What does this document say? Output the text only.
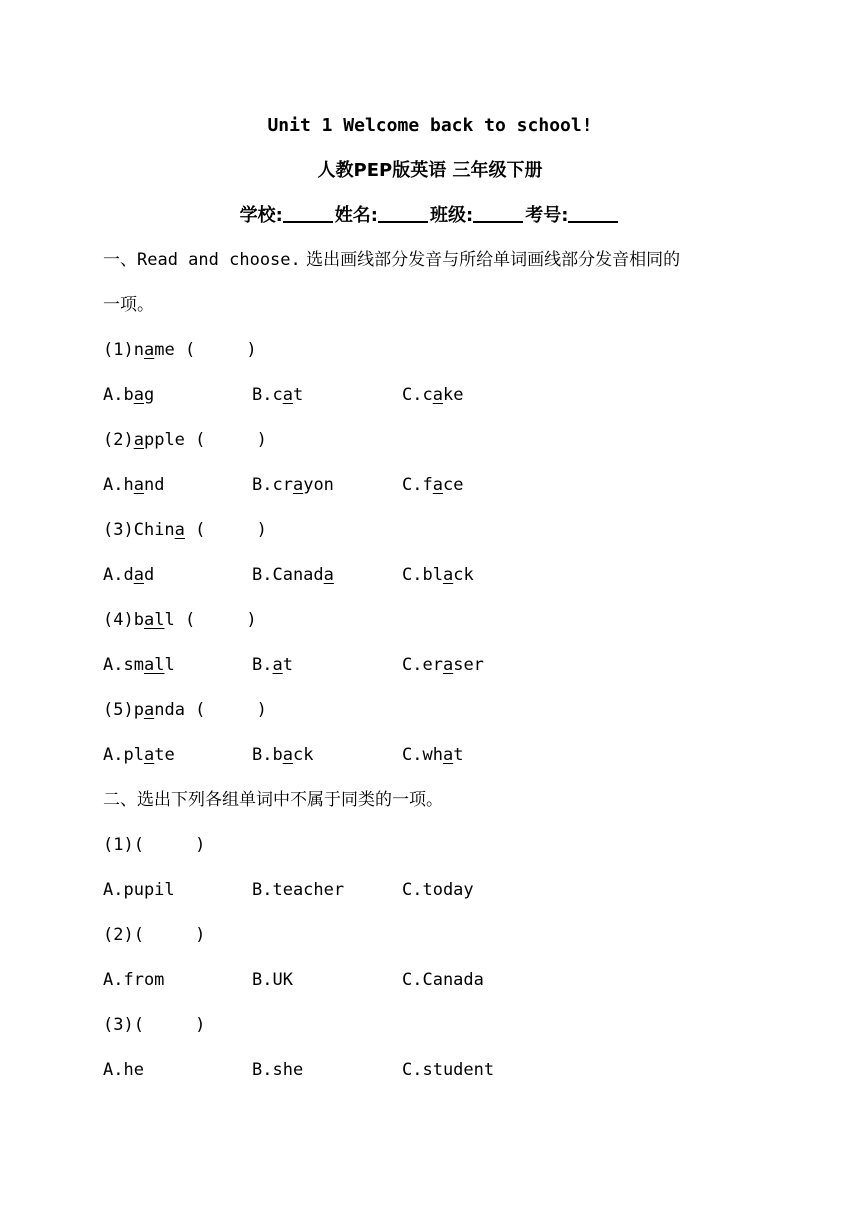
Unit 1 Welcome back to school!
人教PEP版英语 三年级下册
学校:	姓名:	班级:	考号:
一、Read and choose. 选出画线部分发音与所给单词画线部分发音相同的
一项。
(1)name (     )
A.bag	B.cat	C.cake
(2)apple (     )
A.hand	B.crayon	C.face
(3)China (     )
A.dad	B.Canada	C.black
(4)ball (     )
A.small	B.at	C.eraser
(5)panda (     )
A.plate	B.back	C.what
二、选出下列各组单词中不属于同类的一项。
(1)(     )
A.pupil	B.teacher	C.today
(2)(     )
A.from	B.UK	C.Canada
(3)(     )
A.he	B.she	C.student
